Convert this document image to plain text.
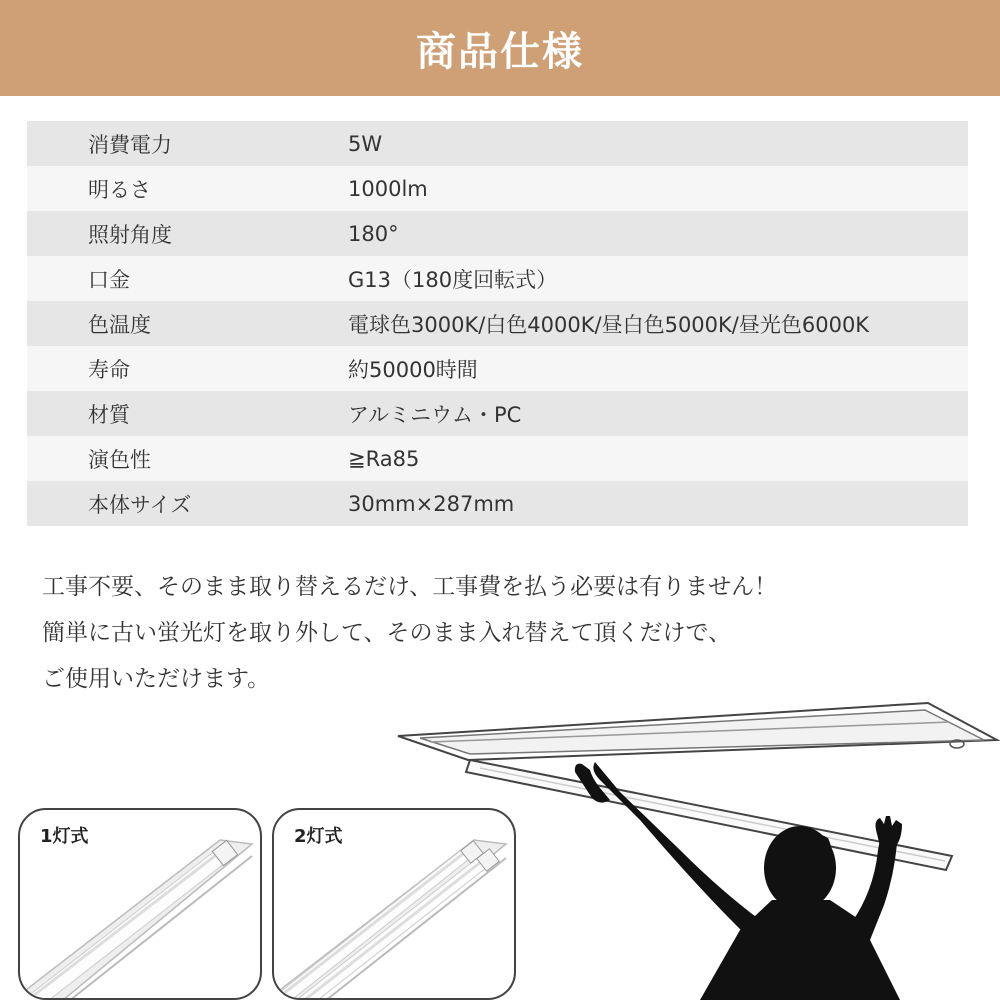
商品仕様
消費電力	5W
明るさ	1000lm
照射角度	180°
口金	G13（180度回転式）
色温度	電球色3000K/白色4000K/昼白色5000K/昼光色6000K
寿命	約50000時間
材質	アルミニウム・PC
演色性	≧Ra85
本体サイズ	30mm×287mm
工事不要、そのまま取り替えるだけ、工事費を払う必要は有りません！
簡単に古い蛍光灯を取り外して、そのまま入れ替えて頂くだけで、
ご使用いただけます。
1灯式	2灯式
